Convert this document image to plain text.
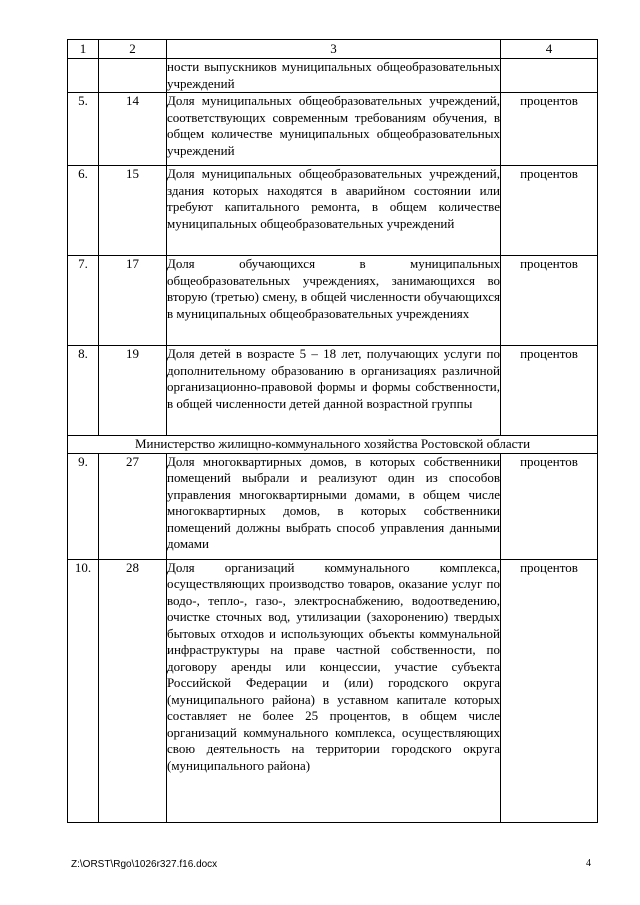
1	2	3	4
		ности выпускников муниципальных общеобразовательных учреждений	
5.	14	Доля муниципальных общеобразовательных учреждений, соответствующих современным требованиям обучения, в общем количестве муниципальных общеобразовательных учреждений	процентов
6.	15	Доля муниципальных общеобразовательных учреждений, здания которых находятся в аварийном состоянии или требуют капитального ремонта, в общем количестве муниципальных общеобразовательных учреждений	процентов
7.	17	Доля обучающихся в муниципальных общеобразовательных учреждениях, занимающихся во вторую (третью) смену, в общей численности обучающихся в муниципальных общеобразовательных учреждениях	процентов
8.	19	Доля детей в возрасте 5 – 18 лет, получающих услуги по дополнительному образованию в организациях различной организационно-правовой формы и формы собственности, в общей численности детей данной возрастной группы	процентов
Министерство жилищно-коммунального хозяйства Ростовской области			
9.	27	Доля многоквартирных домов, в которых собственники помещений выбрали и реализуют один из способов управления многоквартирными домами, в общем числе многоквартирных домов, в которых собственники помещений должны выбрать способ управления данными домами	процентов
10.	28	Доля организаций коммунального комплекса, осуществляющих производство товаров, оказание услуг по водо-, тепло-, газо-, электроснабжению, водоотведению, очистке сточных вод, утилизации (захоронению) твердых бытовых отходов и использующих объекты коммунальной инфраструктуры на праве частной собственности, по договору аренды или концессии, участие субъекта Российской Федерации и (или) городского округа (муниципального района) в уставном капитале которых составляет не более 25 процентов, в общем числе организаций коммунального комплекса, осуществляющих свою деятельность на территории городского округа (муниципального района)	процентов
Z:\ORST\Rgo\1026r327.f16.docx	4
